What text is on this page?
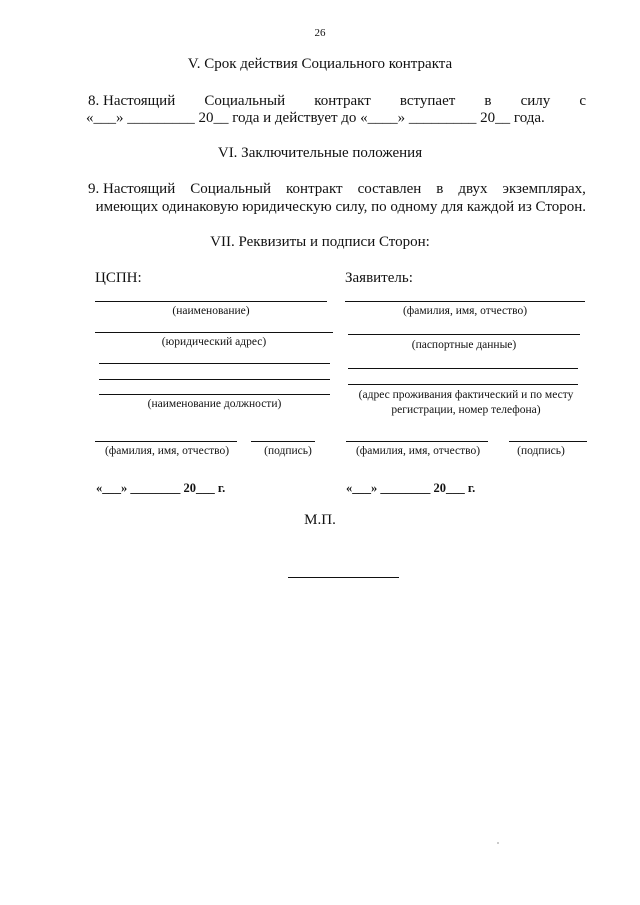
26
V. Срок действия Социального контракта
8. Настоящий Социальный контракт вступает в силу с
«___» _________ 20__ года и действует до «____» _________ 20__ года.
VI. Заключительные положения
9. Настоящий Социальный контракт составлен в двух экземплярах,
имеющих одинаковую юридическую силу, по одному для каждой из Сторон.
VII. Реквизиты и подписи Сторон:
ЦСПН:
(наименование)
(юридический адрес)
(наименование должности)
(фамилия, имя, отчество)	(подпись)
«___» ________ 20___ г.
Заявитель:
(фамилия, имя, отчество)
(паспортные данные)
(адрес проживания фактический и по месту
регистрации, номер телефона)
(фамилия, имя, отчество)	(подпись)
«___» ________ 20___ г.
М.П.
